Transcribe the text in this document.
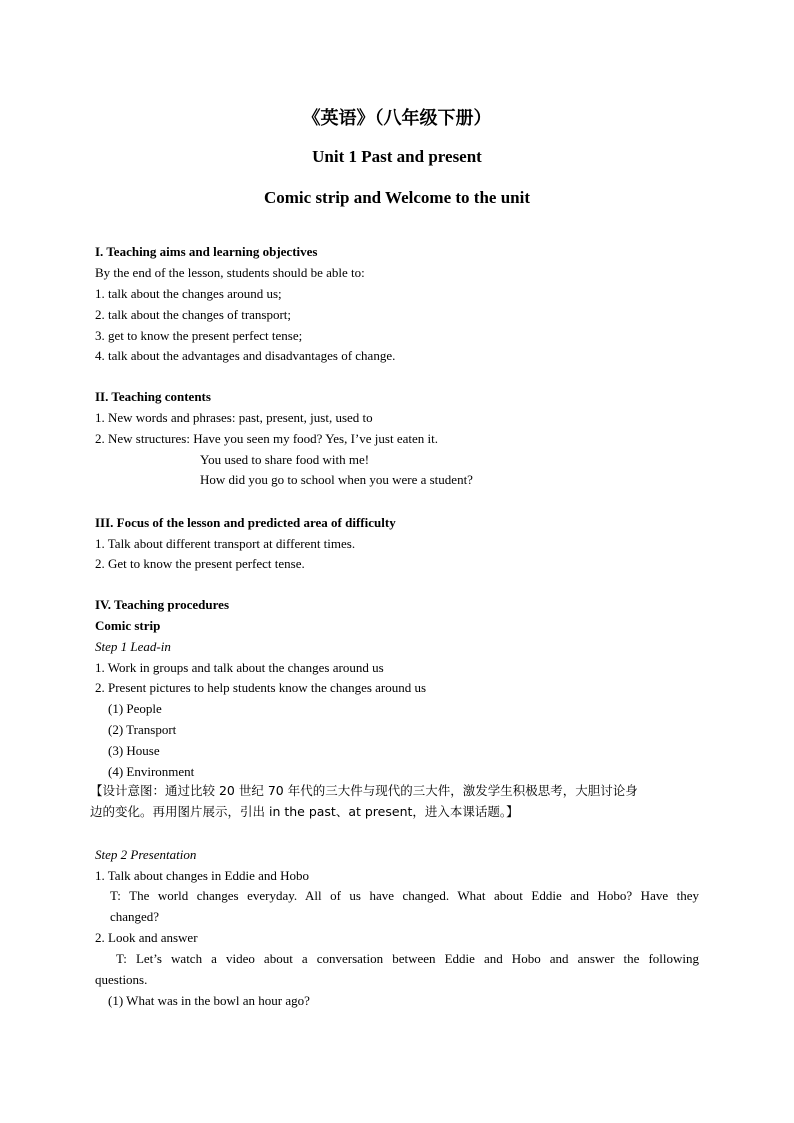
《英语》（八年级下册）
Unit 1 Past and present
Comic strip and Welcome to the unit
I. Teaching aims and learning objectives
By the end of the lesson, students should be able to:
1. talk about the changes around us;
2. talk about the changes of transport;
3. get to know the present perfect tense;
4. talk about the advantages and disadvantages of change.
II. Teaching contents
1. New words and phrases: past, present, just, used to
2. New structures: Have you seen my food? Yes, I’ve just eaten it.
You used to share food with me!
How did you go to school when you were a student?
III. Focus of the lesson and predicted area of difficulty
1. Talk about different transport at different times.
2. Get to know the present perfect tense.
IV. Teaching procedures
Comic strip
Step 1 Lead-in
1. Work in groups and talk about the changes around us
2. Present pictures to help students know the changes around us
(1) People
(2) Transport
(3) House
(4) Environment
【设计意图：通过比较 20 世纪 70 年代的三大件与现代的三大件，激发学生积极思考，大胆讨论身
边的变化。再用图片展示，引出 in the past、at present，进入本课话题。】
Step 2 Presentation
1. Talk about changes in Eddie and Hobo
T: The world changes everyday. All of us have changed. What about Eddie and Hobo? Have they
changed?
2. Look and answer
T: Let’s watch a video about a conversation between Eddie and Hobo and answer the following
questions.
(1) What was in the bowl an hour ago?
